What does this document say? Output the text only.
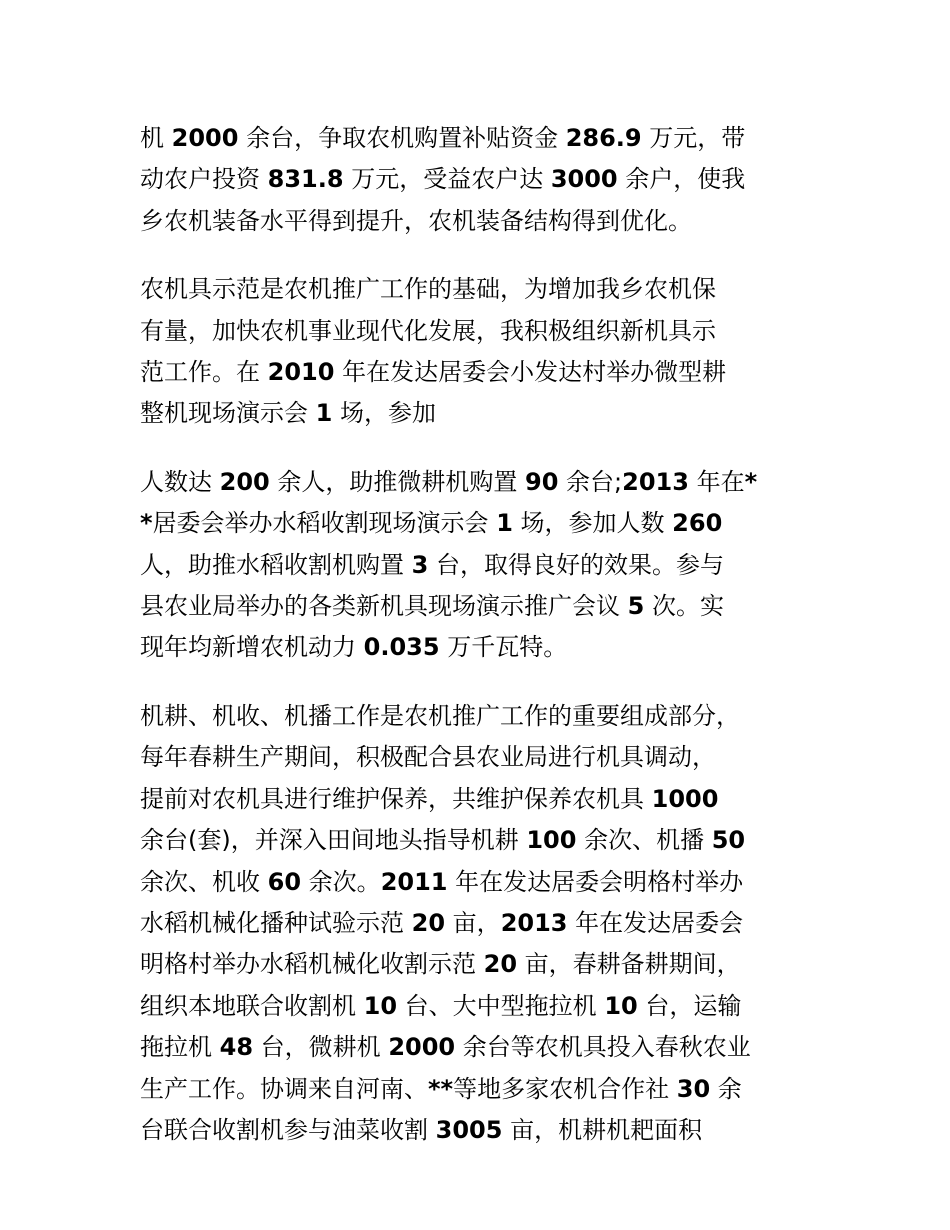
机 2000 余台，争取农机购置补贴资金 286.9 万元，带
动农户投资 831.8 万元，受益农户达 3000 余户，使我
乡农机装备水平得到提升，农机装备结构得到优化。

农机具示范是农机推广工作的基础，为增加我乡农机保
有量，加快农机事业现代化发展，我积极组织新机具示
范工作。在 2010 年在发达居委会小发达村举办微型耕
整机现场演示会 1 场，参加

人数达 200 余人，助推微耕机购置 90 余台;2013 年在*
*居委会举办水稻收割现场演示会 1 场，参加人数 260
人，助推水稻收割机购置 3 台，取得良好的效果。参与
县农业局举办的各类新机具现场演示推广会议 5 次。实
现年均新增农机动力 0.035 万千瓦特。

机耕、机收、机播工作是农机推广工作的重要组成部分，
每年春耕生产期间，积极配合县农业局进行机具调动，
提前对农机具进行维护保养，共维护保养农机具 1000
余台(套)，并深入田间地头指导机耕 100 余次、机播 50
余次、机收 60 余次。2011 年在发达居委会明格村举办
水稻机械化播种试验示范 20 亩，2013 年在发达居委会
明格村举办水稻机械化收割示范 20 亩，春耕备耕期间，
组织本地联合收割机 10 台、大中型拖拉机 10 台，运输
拖拉机 48 台，微耕机 2000 余台等农机具投入春秋农业
生产工作。协调来自河南、**等地多家农机合作社 30 余
台联合收割机参与油菜收割 3005 亩，机耕机耙面积
